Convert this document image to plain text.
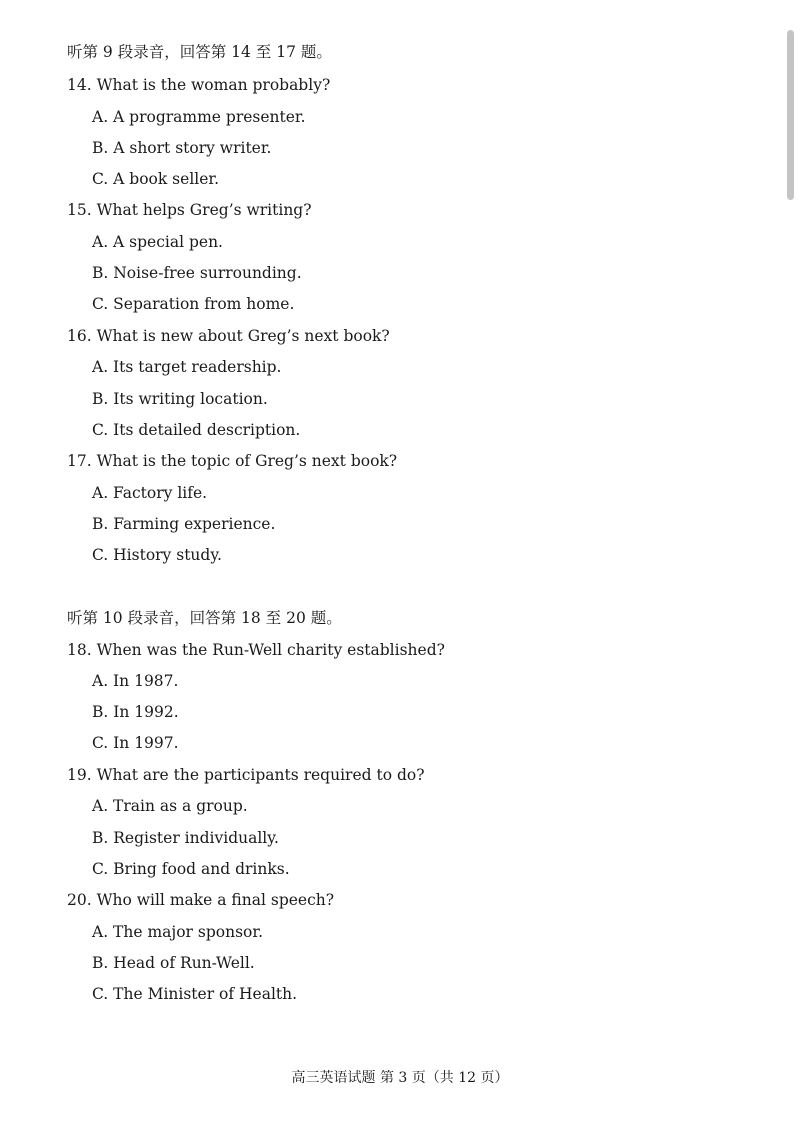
听第 9 段录音，回答第 14 至 17 题。
14. What is the woman probably?
A. A programme presenter.
B. A short story writer.
C. A book seller.
15. What helps Greg’s writing?
A. A special pen.
B. Noise-free surrounding.
C. Separation from home.
16. What is new about Greg’s next book?
A. Its target readership.
B. Its writing location.
C. Its detailed description.
17. What is the topic of Greg’s next book?
A. Factory life.
B. Farming experience.
C. History study.
听第 10 段录音，回答第 18 至 20 题。
18. When was the Run-Well charity established?
A. In 1987.
B. In 1992.
C. In 1997.
19. What are the participants required to do?
A. Train as a group.
B. Register individually.
C. Bring food and drinks.
20. Who will make a final speech?
A. The major sponsor.
B. Head of Run-Well.
C. The Minister of Health.
高三英语试题 第 3 页（共 12 页）
